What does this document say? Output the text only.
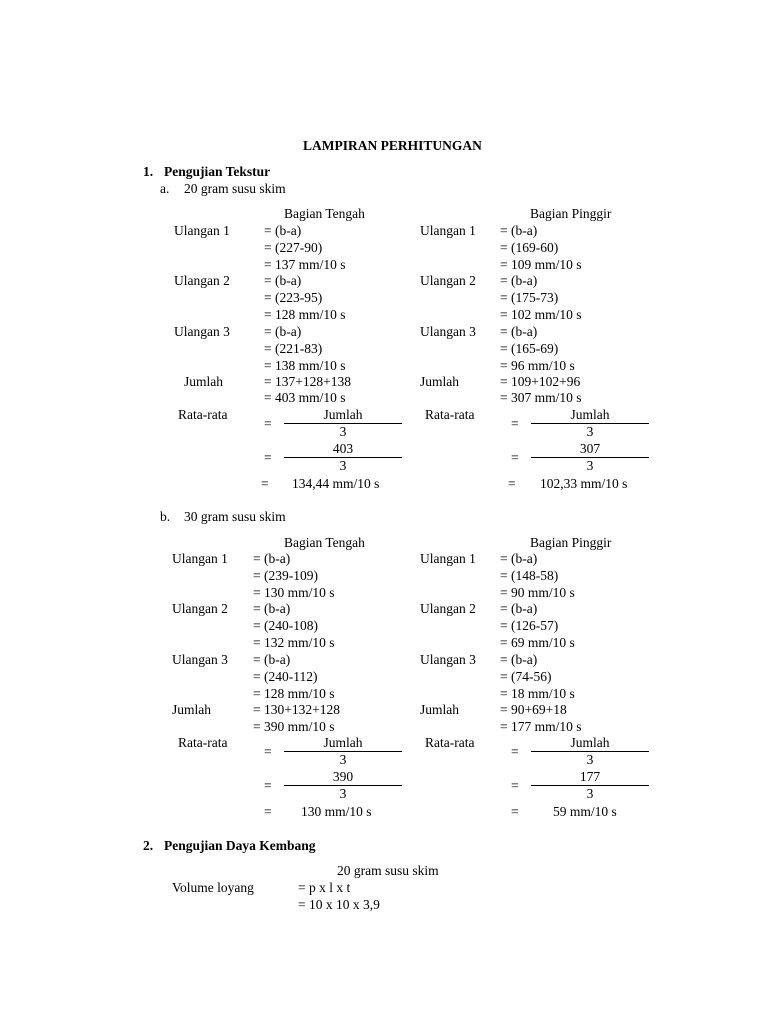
LAMPIRAN PERHITUNGAN
1. Pengujian Tekstur
a. 20 gram susu skim
Bagian Tengah
Ulangan 1	= (b-a)
= (227-90)
= 137 mm/10 s
Ulangan 2	= (b-a)
= (223-95)
= 128 mm/10 s
Ulangan 3	= (b-a)
= (221-83)
= 138 mm/10 s
Jumlah	= 137+128+138
= 403 mm/10 s
Rata-rata
=
Jumlah
3
=
403
3
= 134,44 mm/10 s
Bagian Pinggir
Ulangan 1 = (b-a)
= (169-60)
= 109 mm/10 s
Ulangan 2 = (b-a)
= (175-73)
= 102 mm/10 s
Ulangan 3 = (b-a)
= (165-69)
= 96 mm/10 s
Jumlah	= 109+102+96
= 307 mm/10 s
Rata-rata
=
Jumlah
3
=
307
3
= 102,33 mm/10 s
b. 30 gram susu skim
Bagian Tengah
Ulangan 1 = (b-a)
= (239-109)
= 130 mm/10 s
Ulangan 2 = (b-a)
= (240-108)
= 132 mm/10 s
Ulangan 3 = (b-a)
= (240-112)
= 128 mm/10 s
Jumlah	= 130+132+128
= 390 mm/10 s
Rata-rata
=
Jumlah
3
=
390
3
= 130 mm/10 s
Bagian Pinggir
Ulangan 1 = (b-a)
= (148-58)
= 90 mm/10 s
Ulangan 2 = (b-a)
= (126-57)
= 69 mm/10 s
Ulangan 3 = (b-a)
= (74-56)
= 18 mm/10 s
Jumlah	= 90+69+18
= 177 mm/10 s
Rata-rata
=
Jumlah
3
=
177
3
=	59 mm/10 s
2. Pengujian Daya Kembang
20 gram susu skim
Volume loyang	= p x l x t
= 10 x 10 x 3,9
